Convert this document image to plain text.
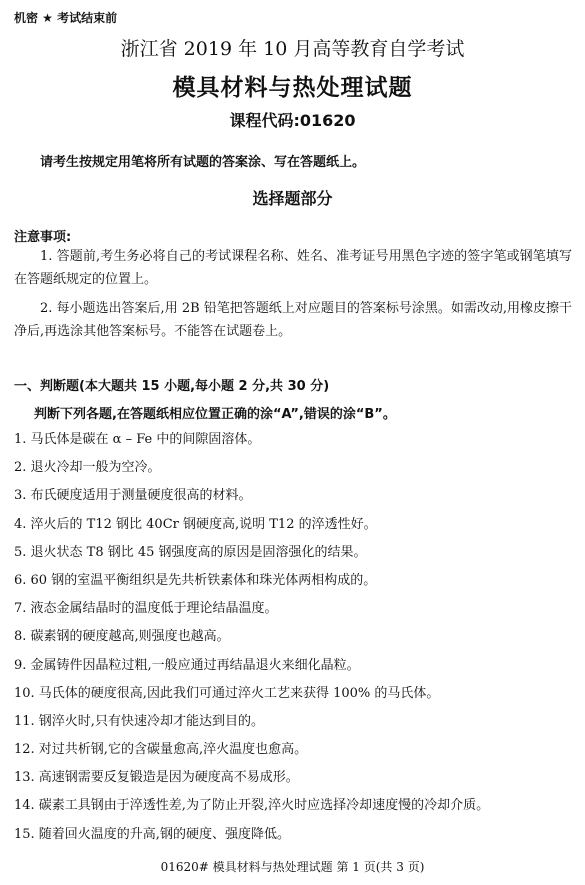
机密 ★ 考试结束前
浙江省 2019 年 10 月高等教育自学考试
模具材料与热处理试题
课程代码:01620
请考生按规定用笔将所有试题的答案涂、写在答题纸上。
选择题部分
注意事项:
1. 答题前,考生务必将自己的考试课程名称、姓名、准考证号用黑色字迹的签字笔或钢笔填写在答题纸规定的位置上。
2. 每小题选出答案后,用 2B 铅笔把答题纸上对应题目的答案标号涂黑。如需改动,用橡皮擦干净后,再选涂其他答案标号。不能答在试题卷上。
一、判断题(本大题共 15 小题,每小题 2 分,共 30 分)
判断下列各题,在答题纸相应位置正确的涂“A”,错误的涂“B”。
1. 马氏体是碳在 α – Fe 中的间隙固溶体。
2. 退火冷却一般为空冷。
3. 布氏硬度适用于测量硬度很高的材料。
4. 淬火后的 T12 钢比 40Cr 钢硬度高,说明 T12 的淬透性好。
5. 退火状态 T8 钢比 45 钢强度高的原因是固溶强化的结果。
6. 60 钢的室温平衡组织是先共析铁素体和珠光体两相构成的。
7. 液态金属结晶时的温度低于理论结晶温度。
8. 碳素钢的硬度越高,则强度也越高。
9. 金属铸件因晶粒过粗,一般应通过再结晶退火来细化晶粒。
10. 马氏体的硬度很高,因此我们可通过淬火工艺来获得 100% 的马氏体。
11. 钢淬火时,只有快速冷却才能达到目的。
12. 对过共析钢,它的含碳量愈高,淬火温度也愈高。
13. 高速钢需要反复锻造是因为硬度高不易成形。
14. 碳素工具钢由于淬透性差,为了防止开裂,淬火时应选择冷却速度慢的冷却介质。
15. 随着回火温度的升高,钢的硬度、强度降低。
01620# 模具材料与热处理试题 第 1 页(共 3 页)
